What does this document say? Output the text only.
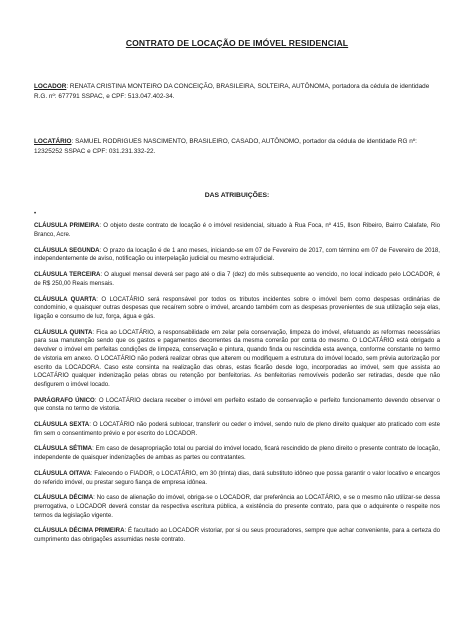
CONTRATO DE LOCAÇÃO DE IMÓVEL RESIDENCIAL
LOCADOR: RENATA CRISTINA MONTEIRO DA CONCEIÇÃO, BRASILEIRA, SOLTEIRA, AUTÔNOMA, portadora da cédula de identidade R.G. nº: 677791 SSPAC, e CPF: 513.047.402-34.
LOCATÁRIO: SAMUEL RODRIGUES NASCIMENTO, BRASILEIRO, CASADO, AUTÔNOMO, portador da cédula de identidade RG nº: 12325252 SSPAC e CPF: 031.231.332-22.
DAS ATRIBUIÇÕES:
•
CLÁUSULA PRIMEIRA: O objeto deste contrato de locação é o imóvel residencial, situado à Rua Foca, nº 415, Ilson Ribeiro, Bairro Calafate, Rio Branco, Acre.
CLÁUSULA SEGUNDA: O prazo da locação é de 1 ano meses, iniciando-se em 07 de Fevereiro de 2017, com término em 07 de Fevereiro de 2018, independentemente de aviso, notificação ou interpelação judicial ou mesmo extrajudicial.
CLÁUSULA TERCEIRA: O aluguel mensal deverá ser pago até o dia 7 (dez) do mês subsequente ao vencido, no local indicado pelo LOCADOR, é de R$ 250,00 Reais mensais.
CLÁUSULA QUARTA: O LOCATÁRIO será responsável por todos os tributos incidentes sobre o imóvel bem como despesas ordinárias de condomínio, e quaisquer outras despesas que recaírem sobre o imóvel, arcando também com as despesas provenientes de sua utilização seja elas, ligação e consumo de luz, força, água e gás.
CLÁUSULA QUINTA: Fica ao LOCATÁRIO, a responsabilidade em zelar pela conservação, limpeza do imóvel, efetuando as reformas necessárias para sua manutenção sendo que os gastos e pagamentos decorrentes da mesma correrão por conta do mesmo. O LOCATÁRIO está obrigado a devolver o imóvel em perfeitas condições de limpeza, conservação e pintura, quando finda ou rescindida esta avença, conforme constante no termo de vistoria em anexo. O LOCATÁRIO não poderá realizar obras que alterem ou modifiquem a estrutura do imóvel locado, sem prévia autorização por escrito da LOCADORA. Caso este consinta na realização das obras, estas ficarão desde logo, incorporadas ao imóvel, sem que assista ao LOCATÁRIO qualquer indenização pelas obras ou retenção por benfeitorias. As benfeitorias removíveis poderão ser retiradas, desde que não desfigurem o imóvel locado.
PARÁGRAFO ÚNICO: O LOCATÁRIO declara receber o imóvel em perfeito estado de conservação e perfeito funcionamento devendo observar o que consta no termo de vistoria.
CLÁUSULA SEXTA: O LOCATÁRIO não poderá sublocar, transferir ou ceder o imóvel, sendo nulo de pleno direito qualquer ato praticado com este fim sem o consentimento prévio e por escrito do LOCADOR.
CLÁUSULA SÉTIMA: Em caso de desapropriação total ou parcial do imóvel locado, ficará rescindido de pleno direito o presente contrato de locação, independente de quaisquer indenizações de ambas as partes ou contratantes.
CLÁUSULA OITAVA: Falecendo o FIADOR, o LOCATÁRIO, em 30 (trinta) dias, dará substituto idôneo que possa garantir o valor locativo e encargos do referido imóvel, ou prestar seguro fiança de empresa idônea.
CLÁUSULA DÉCIMA: No caso de alienação do imóvel, obriga-se o LOCADOR, dar preferência ao LOCATÁRIO, e se o mesmo não utilizar-se dessa prerrogativa, o LOCADOR deverá constar da respectiva escritura pública, a existência do presente contrato, para que o adquirente o respeite nos termos da legislação vigente.
CLÁUSULA DÉCIMA PRIMEIRA: É facultado ao LOCADOR vistoriar, por si ou seus procuradores, sempre que achar conveniente, para a certeza do cumprimento das obrigações assumidas neste contrato.
